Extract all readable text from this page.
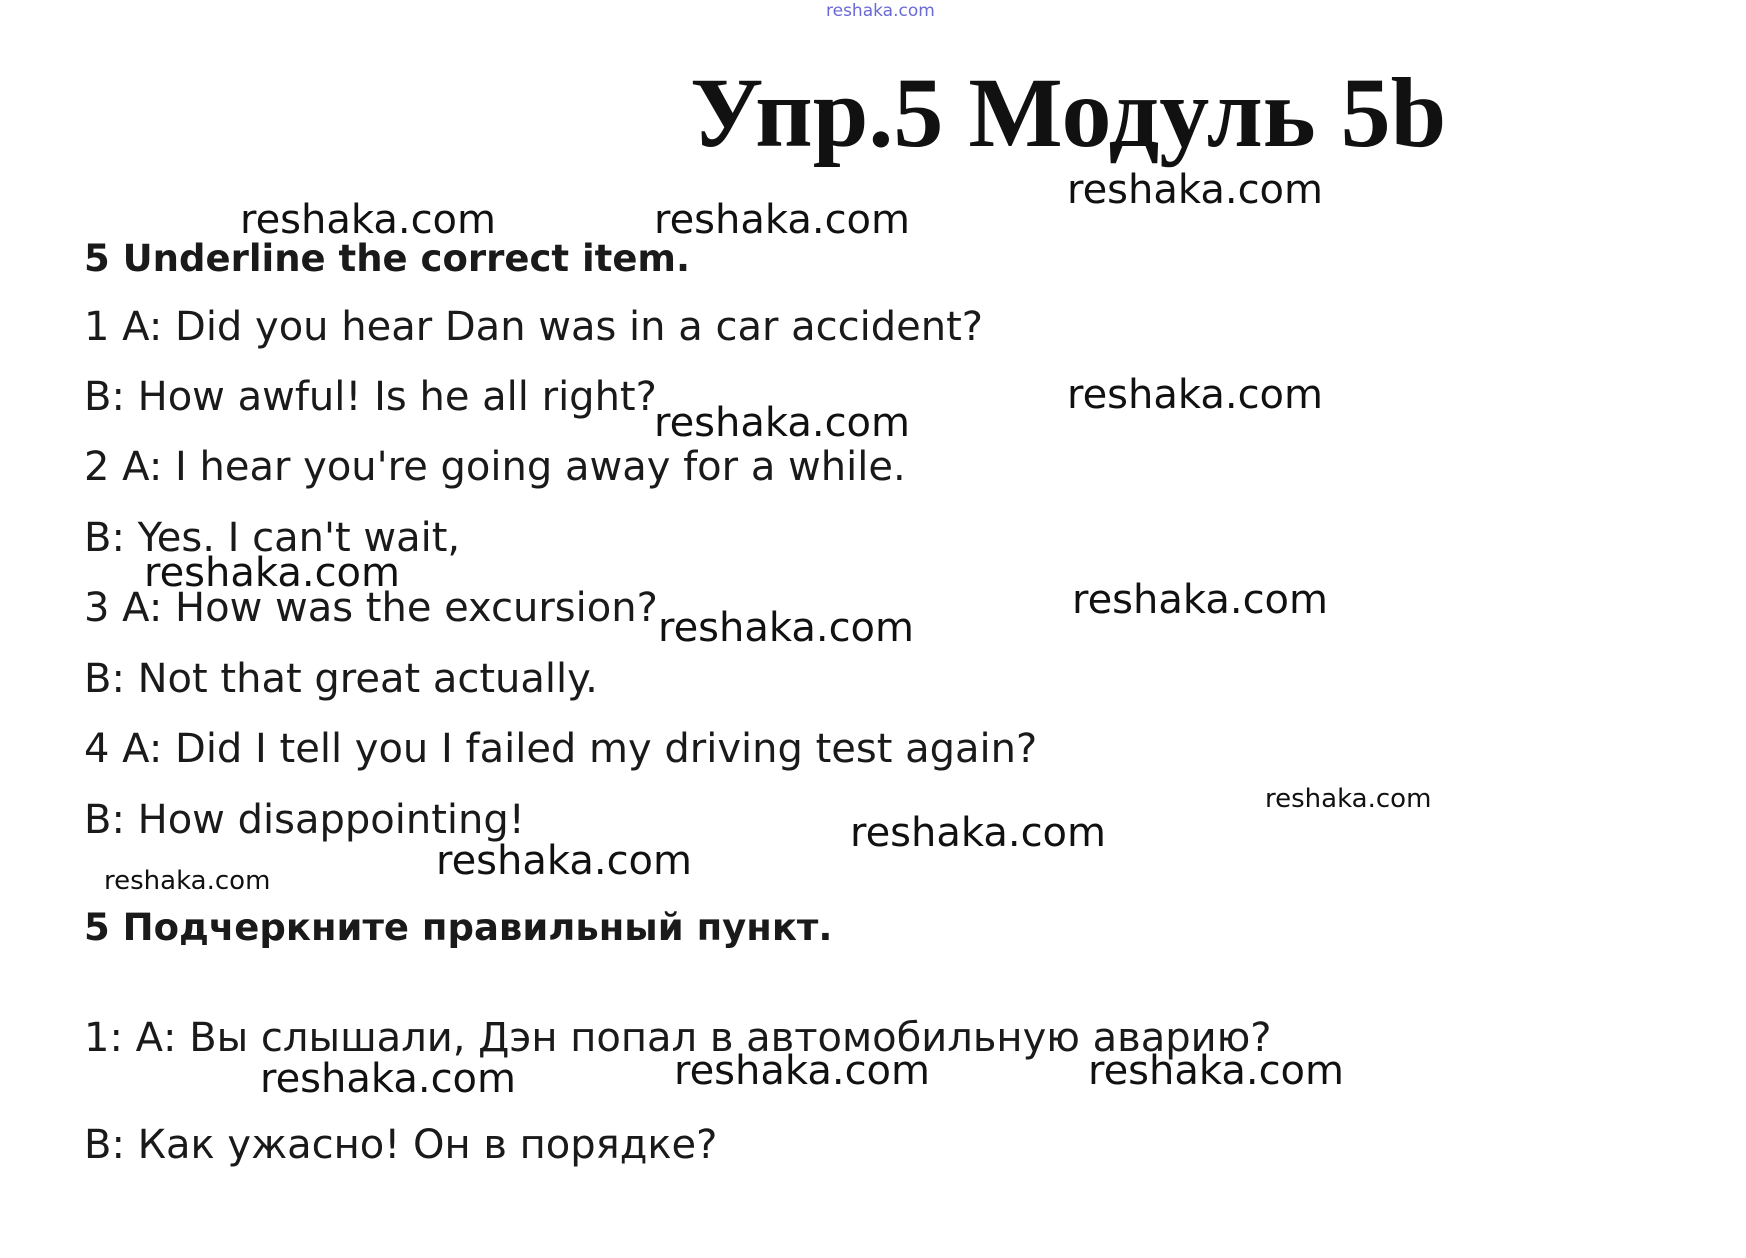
reshaka.com
Упр.5 Модуль 5b
reshaka.com
reshaka.com	reshaka.com
5 Underline the correct item.
1 A: Did you hear Dan was in a car accident?
B: How awful! Is he all right?	reshaka.com
reshaka.com
2 A: I hear you're going away for a while.
B: Yes. I can't wait,
reshaka.com
3 A: How was the excursion?	reshaka.com
reshaka.com
B: Not that great actually.
4 A: Did I tell you I failed my driving test again?
reshaka.com
B: How disappointing!	reshaka.com
reshaka.com
reshaka.com
5 Подчеркните правильный пункт.
1: А: Вы слышали, Дэн попал в автомобильную аварию?
reshaka.com	reshaka.com
reshaka.com
В: Как ужасно! Он в порядке?
